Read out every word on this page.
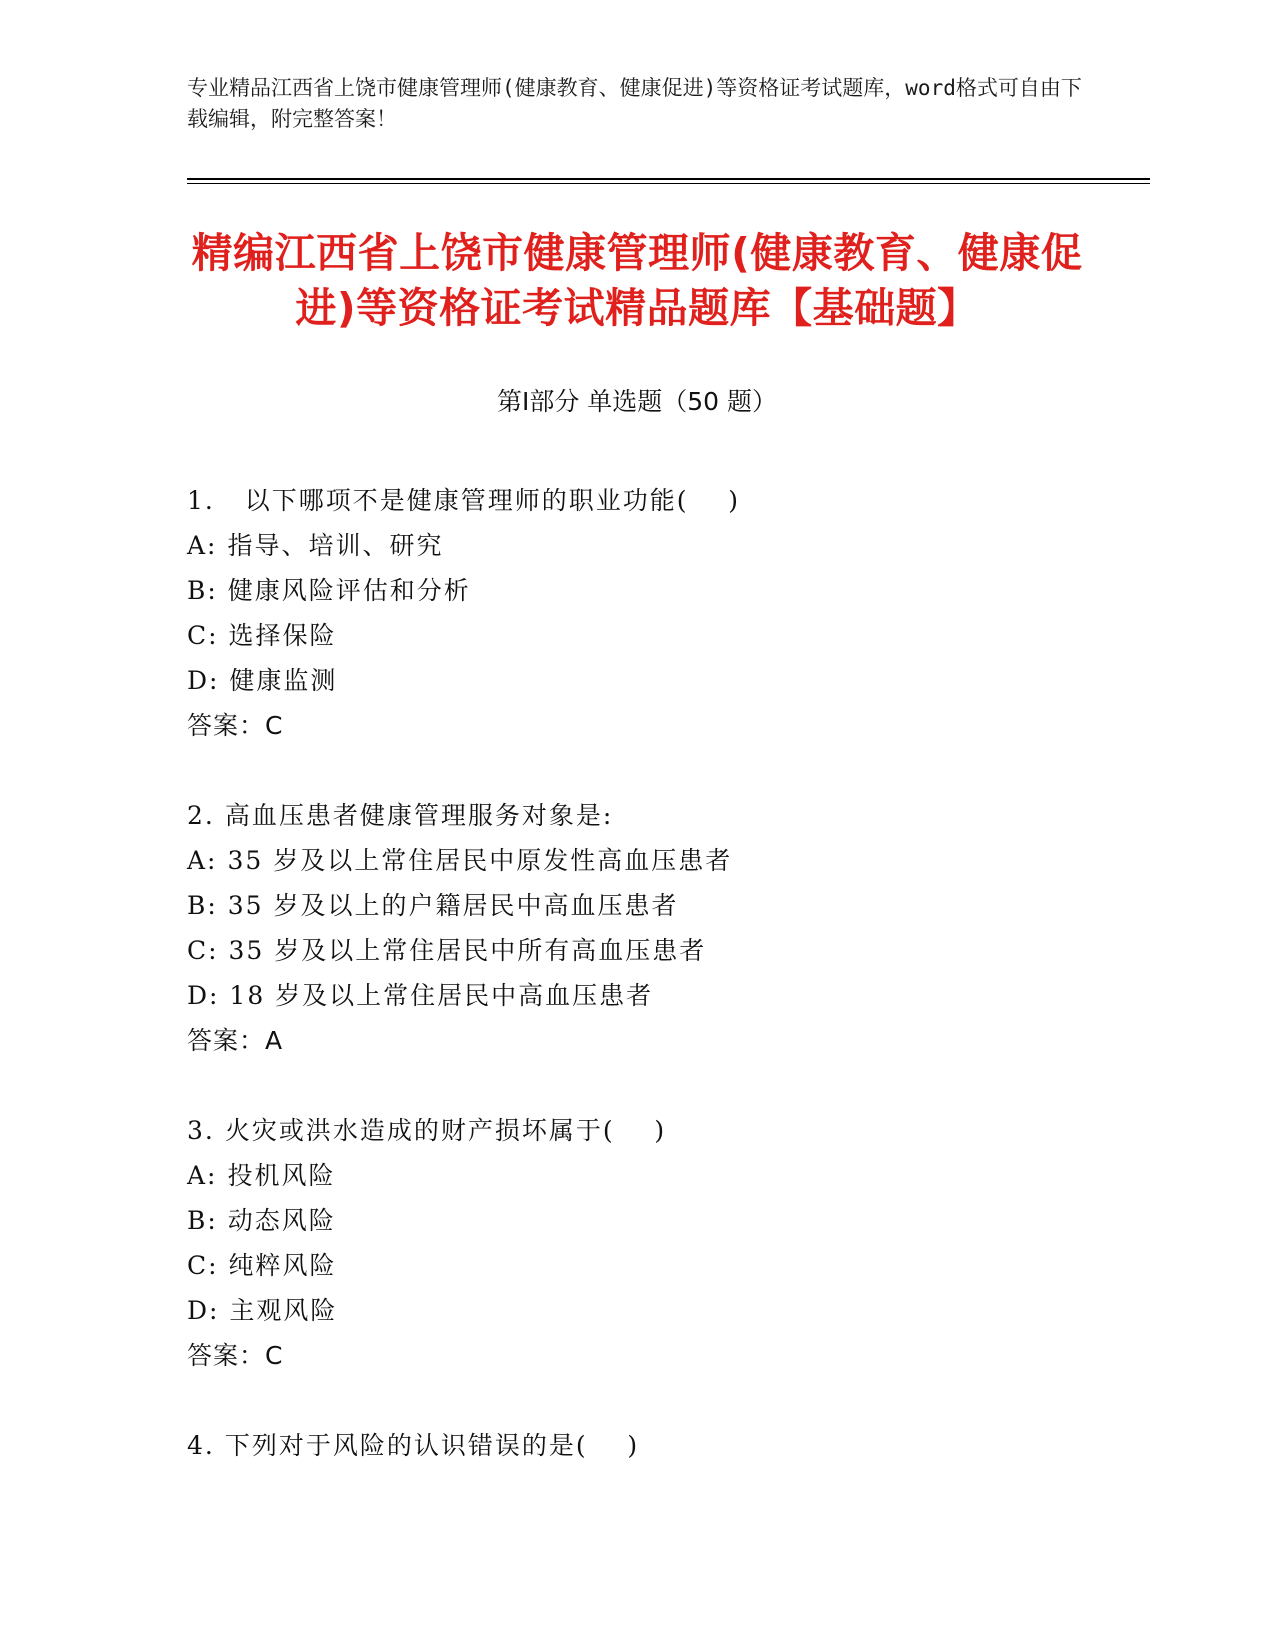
专业精品江西省上饶市健康管理师(健康教育、健康促进)等资格证考试题库，word格式可自由下载编辑，附完整答案！
精编江西省上饶市健康管理师(健康教育、健康促进)等资格证考试精品题库【基础题】
第Ⅰ部分 单选题（50 题）
1.   以下哪项不是健康管理师的职业功能(    )
A: 指导、培训、研究
B: 健康风险评估和分析
C: 选择保险
D: 健康监测
答案：C
2. 高血压患者健康管理服务对象是:
A: 35 岁及以上常住居民中原发性高血压患者
B: 35 岁及以上的户籍居民中高血压患者
C: 35 岁及以上常住居民中所有高血压患者
D: 18 岁及以上常住居民中高血压患者
答案：A
3. 火灾或洪水造成的财产损坏属于(    )
A: 投机风险
B: 动态风险
C: 纯粹风险
D: 主观风险
答案：C
4. 下列对于风险的认识错误的是(    )
